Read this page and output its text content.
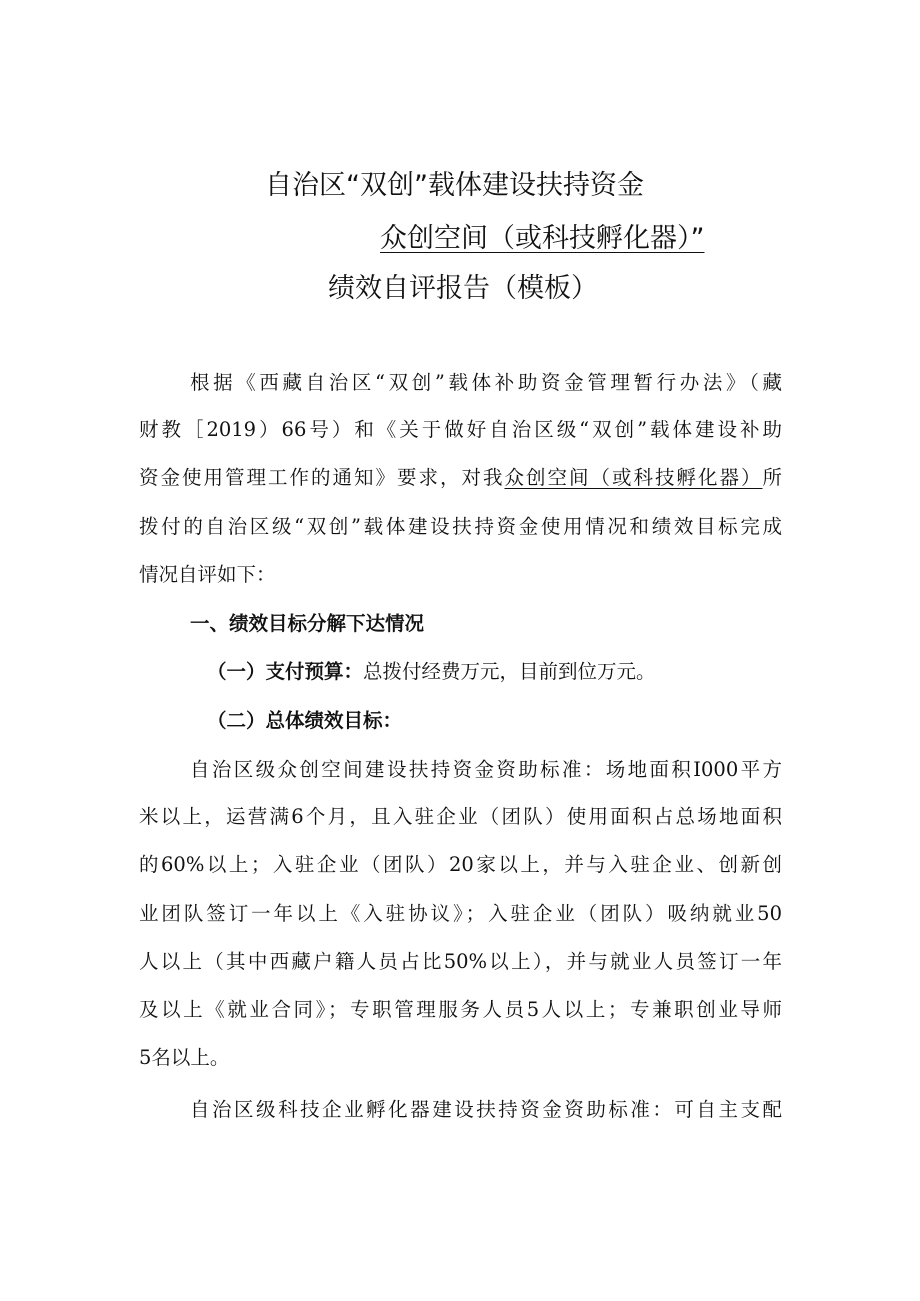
自治区“双创”载体建设扶持资金
众创空间（或科技孵化器）”
绩效自评报告（模板）
根据《西藏自治区“双创”载体补助资金管理暂行办法》（藏
财教［2019）66号）和《关于做好自治区级“双创”载体建设补助
资金使用管理工作的通知》要求，对我众创空间（或科技孵化器）所
拨付的自治区级“双创”载体建设扶持资金使用情况和绩效目标完成
情况自评如下：
一、绩效目标分解下达情况
（一）支付预算：总拨付经费万元，目前到位万元。
（二）总体绩效目标：
自治区级众创空间建设扶持资金资助标准：场地面积I000平方
米以上，运营满6个月，且入驻企业（团队）使用面积占总场地面积
的60%以上；入驻企业（团队）20家以上，并与入驻企业、创新创
业团队签订一年以上《入驻协议》；入驻企业（团队）吸纳就业50
人以上（其中西藏户籍人员占比50%以上），并与就业人员签订一年
及以上《就业合同》；专职管理服务人员5人以上；专兼职创业导师
5名以上。
自治区级科技企业孵化器建设扶持资金资助标准：可自主支配
